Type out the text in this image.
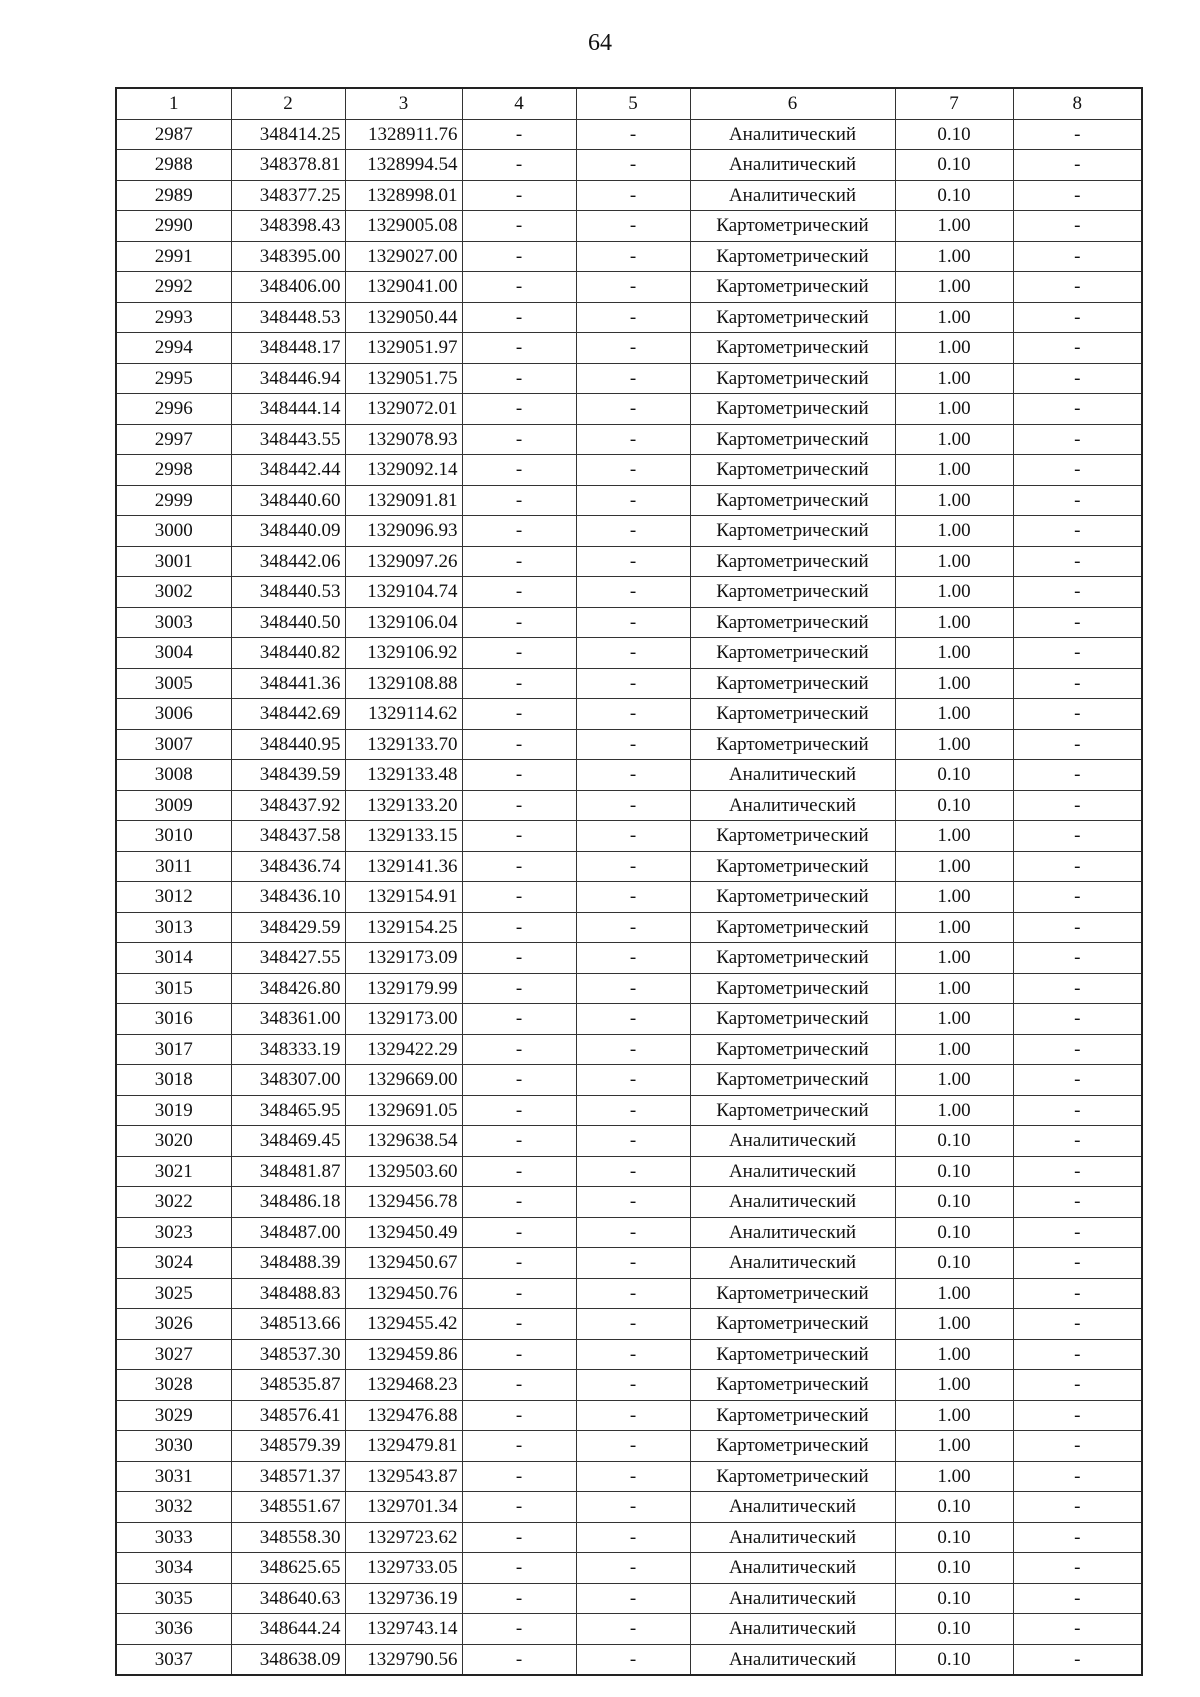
64
1	2	3	4	5	6	7	8
2987	348414.25	1328911.76	-	-	Аналитический	0.10	-
2988	348378.81	1328994.54	-	-	Аналитический	0.10	-
2989	348377.25	1328998.01	-	-	Аналитический	0.10	-
2990	348398.43	1329005.08	-	-	Картометрический	1.00	-
2991	348395.00	1329027.00	-	-	Картометрический	1.00	-
2992	348406.00	1329041.00	-	-	Картометрический	1.00	-
2993	348448.53	1329050.44	-	-	Картометрический	1.00	-
2994	348448.17	1329051.97	-	-	Картометрический	1.00	-
2995	348446.94	1329051.75	-	-	Картометрический	1.00	-
2996	348444.14	1329072.01	-	-	Картометрический	1.00	-
2997	348443.55	1329078.93	-	-	Картометрический	1.00	-
2998	348442.44	1329092.14	-	-	Картометрический	1.00	-
2999	348440.60	1329091.81	-	-	Картометрический	1.00	-
3000	348440.09	1329096.93	-	-	Картометрический	1.00	-
3001	348442.06	1329097.26	-	-	Картометрический	1.00	-
3002	348440.53	1329104.74	-	-	Картометрический	1.00	-
3003	348440.50	1329106.04	-	-	Картометрический	1.00	-
3004	348440.82	1329106.92	-	-	Картометрический	1.00	-
3005	348441.36	1329108.88	-	-	Картометрический	1.00	-
3006	348442.69	1329114.62	-	-	Картометрический	1.00	-
3007	348440.95	1329133.70	-	-	Картометрический	1.00	-
3008	348439.59	1329133.48	-	-	Аналитический	0.10	-
3009	348437.92	1329133.20	-	-	Аналитический	0.10	-
3010	348437.58	1329133.15	-	-	Картометрический	1.00	-
3011	348436.74	1329141.36	-	-	Картометрический	1.00	-
3012	348436.10	1329154.91	-	-	Картометрический	1.00	-
3013	348429.59	1329154.25	-	-	Картометрический	1.00	-
3014	348427.55	1329173.09	-	-	Картометрический	1.00	-
3015	348426.80	1329179.99	-	-	Картометрический	1.00	-
3016	348361.00	1329173.00	-	-	Картометрический	1.00	-
3017	348333.19	1329422.29	-	-	Картометрический	1.00	-
3018	348307.00	1329669.00	-	-	Картометрический	1.00	-
3019	348465.95	1329691.05	-	-	Картометрический	1.00	-
3020	348469.45	1329638.54	-	-	Аналитический	0.10	-
3021	348481.87	1329503.60	-	-	Аналитический	0.10	-
3022	348486.18	1329456.78	-	-	Аналитический	0.10	-
3023	348487.00	1329450.49	-	-	Аналитический	0.10	-
3024	348488.39	1329450.67	-	-	Аналитический	0.10	-
3025	348488.83	1329450.76	-	-	Картометрический	1.00	-
3026	348513.66	1329455.42	-	-	Картометрический	1.00	-
3027	348537.30	1329459.86	-	-	Картометрический	1.00	-
3028	348535.87	1329468.23	-	-	Картометрический	1.00	-
3029	348576.41	1329476.88	-	-	Картометрический	1.00	-
3030	348579.39	1329479.81	-	-	Картометрический	1.00	-
3031	348571.37	1329543.87	-	-	Картометрический	1.00	-
3032	348551.67	1329701.34	-	-	Аналитический	0.10	-
3033	348558.30	1329723.62	-	-	Аналитический	0.10	-
3034	348625.65	1329733.05	-	-	Аналитический	0.10	-
3035	348640.63	1329736.19	-	-	Аналитический	0.10	-
3036	348644.24	1329743.14	-	-	Аналитический	0.10	-
3037	348638.09	1329790.56	-	-	Аналитический	0.10	-
